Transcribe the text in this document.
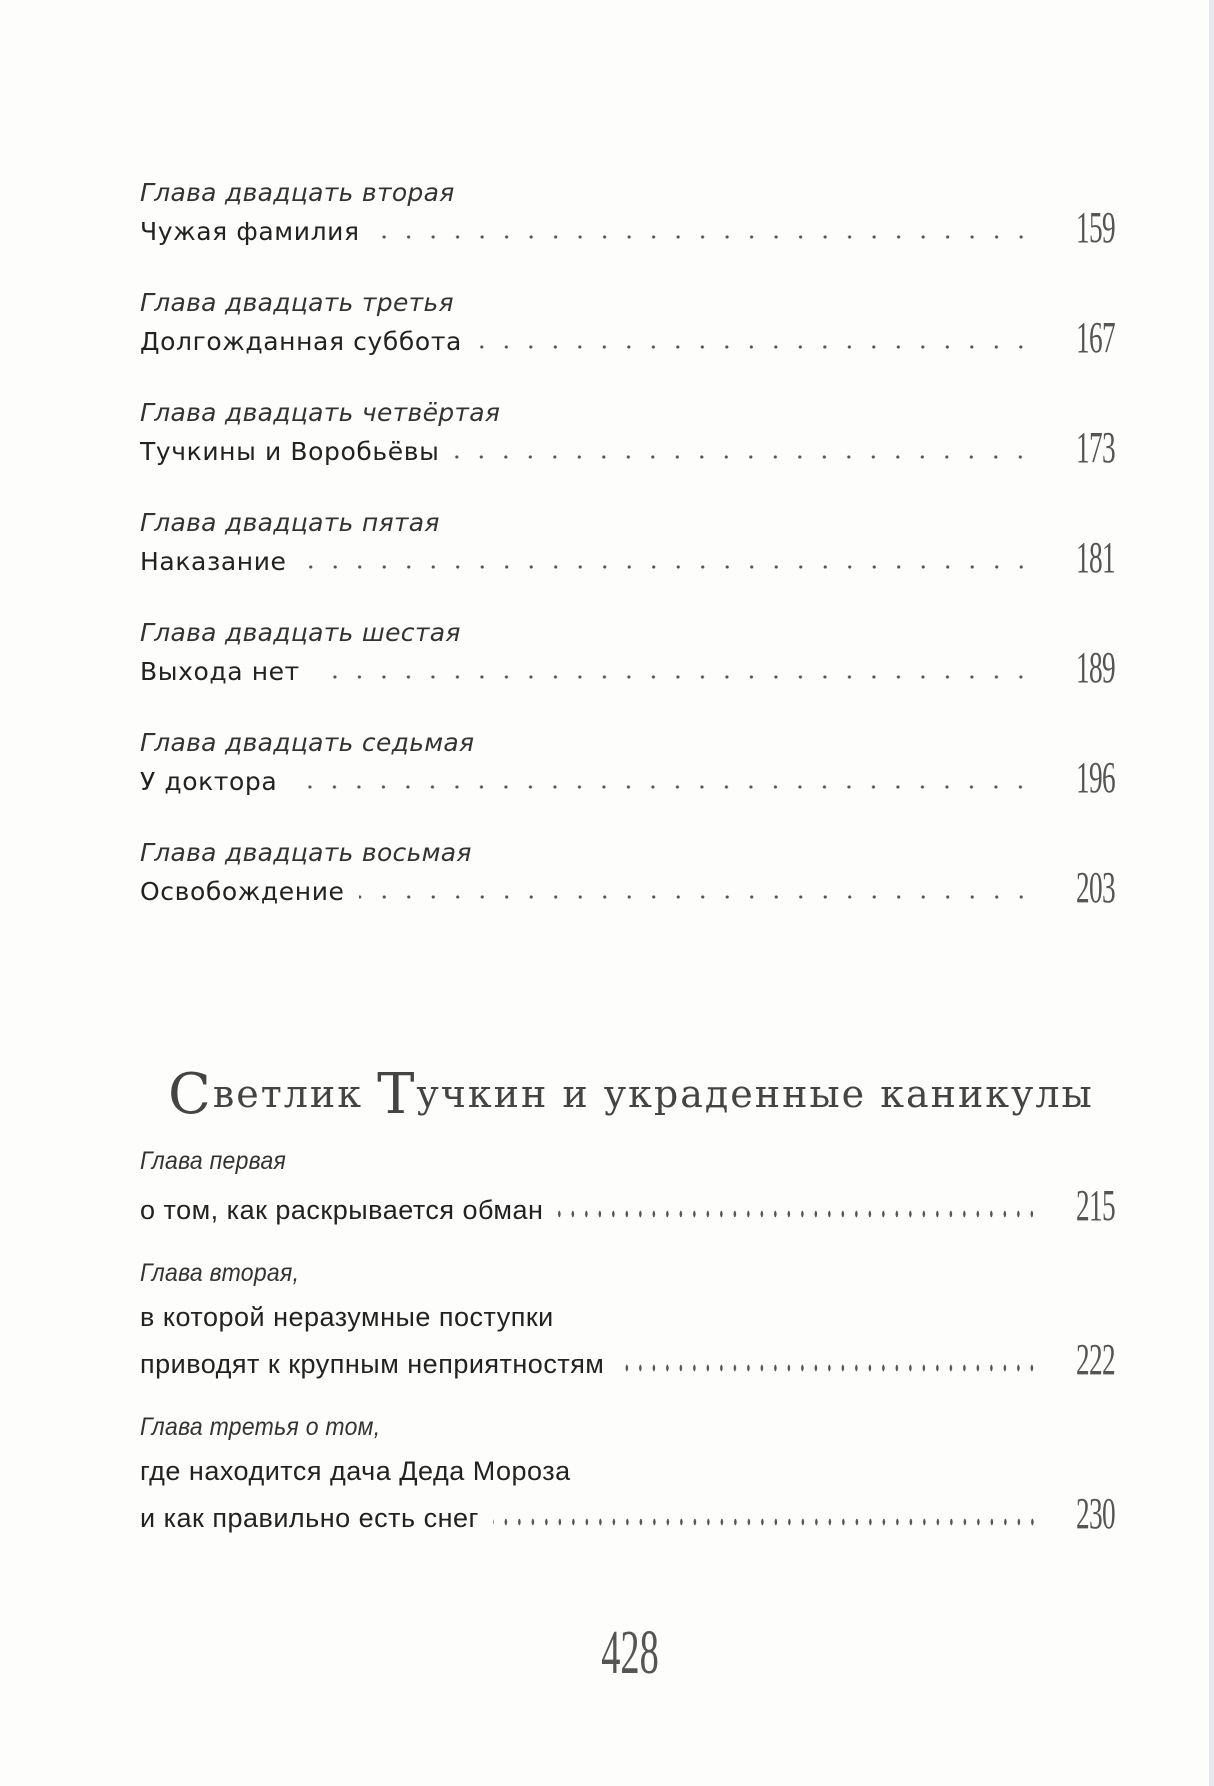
Глава двадцать вторая
Чужая фамилия	159
Глава двадцать третья
Долгожданная суббота	167
Глава двадцать четвёртая
Тучкины и Воробьёвы	173
Глава двадцать пятая
Наказание	181
Глава двадцать шестая
Выхода нет	189
Глава двадцать седьмая
У доктора	196
Глава двадцать восьмая
Освобождение	203
Глава первая
о том, как раскрывается обман	215
Глава вторая,
в которой неразумные поступки
приводят к крупным неприятностям	222
Глава третья о том,
где находится дача Деда Мороза
и как правильно есть снег	230
Светлик Тучкин и украденные каникулы
428
